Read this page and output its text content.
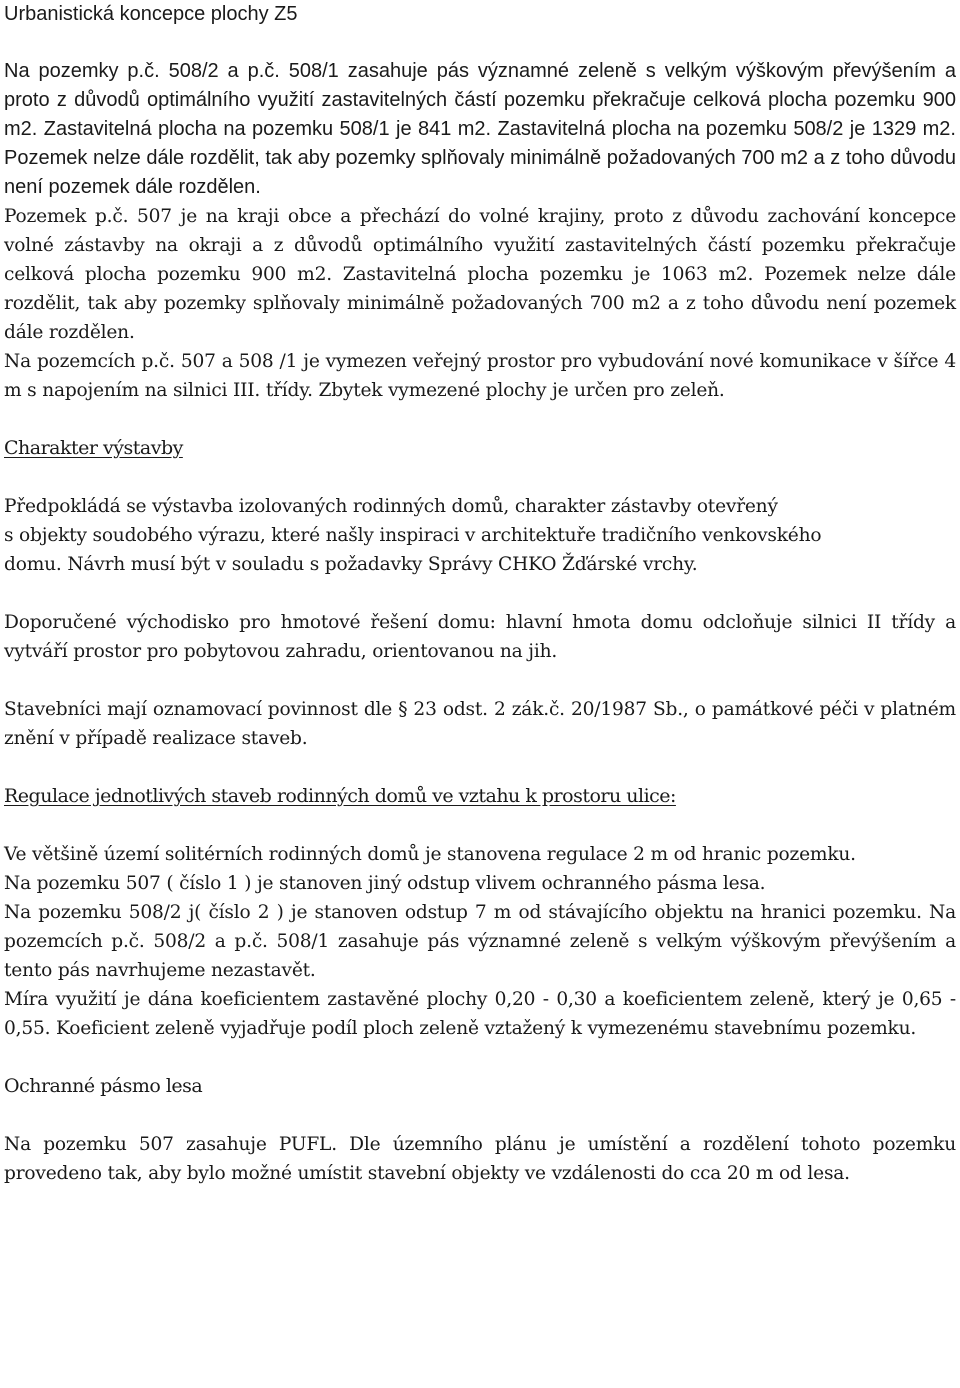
Urbanistická koncepce plochy Z5

Na pozemky p.č. 508/2 a p.č. 508/1 zasahuje pás významné zeleně s velkým výškovým převýšením a proto z důvodů optimálního využití zastavitelných částí pozemku překračuje celková plocha pozemku 900 m2. Zastavitelná plocha na pozemku 508/1 je 841 m2. Zastavitelná plocha na pozemku 508/2 je 1329 m2. Pozemek nelze dále rozdělit, tak aby pozemky splňovaly minimálně požadovaných 700 m2 a z toho důvodu není pozemek dále rozdělen.

Pozemek p.č. 507 je na kraji obce a přechází do volné krajiny, proto z důvodu zachování koncepce volné zástavby na okraji a z důvodů optimálního využití zastavitelných částí pozemku překračuje celková plocha pozemku 900 m2. Zastavitelná plocha pozemku je 1063 m2. Pozemek nelze dále rozdělit, tak aby pozemky splňovaly minimálně požadovaných 700 m2 a z toho důvodu není pozemek dále rozdělen.

Na pozemcích p.č. 507 a 508 /1 je vymezen veřejný prostor pro vybudování nové komunikace v šířce 4 m s napojením na silnici III. třídy. Zbytek vymezené plochy je určen pro zeleň.

Charakter výstavby

Předpokládá se výstavba izolovaných rodinných domů, charakter zástavby otevřený

s objekty soudobého výrazu, které našly inspiraci v architektuře tradičního venkovského

domu. Návrh musí být v souladu s požadavky Správy CHKO Žďárské vrchy.

Doporučené východisko pro hmotové řešení domu: hlavní hmota domu odcloňuje silnici II třídy a vytváří prostor pro pobytovou zahradu, orientovanou na jih.

Stavebníci mají oznamovací povinnost dle § 23 odst. 2 zák.č. 20/1987 Sb., o památkové péči v platném znění v případě realizace staveb.

Regulace jednotlivých staveb rodinných domů ve vztahu k prostoru ulice:

Ve většině území solitérních rodinných domů je stanovena regulace 2 m od hranic pozemku.

Na pozemku 507 ( číslo 1 ) je stanoven jiný odstup vlivem ochranného pásma lesa.

Na pozemku 508/2 j( číslo 2 ) je stanoven odstup 7 m od stávajícího objektu na hranici pozemku. Na pozemcích p.č. 508/2 a p.č. 508/1 zasahuje pás významné zeleně s velkým výškovým převýšením a tento pás navrhujeme nezastavět.

Míra využití je dána koeficientem zastavěné plochy 0,20 - 0,30 a koeficientem zeleně, který je 0,65 - 0,55. Koeficient zeleně vyjadřuje podíl ploch zeleně vztažený k vymezenému stavebnímu pozemku.

Ochranné pásmo lesa

Na pozemku 507 zasahuje PUFL. Dle územního plánu je umístění a rozdělení tohoto pozemku provedeno tak, aby bylo možné umístit stavební objekty ve vzdálenosti do cca 20 m od lesa.
